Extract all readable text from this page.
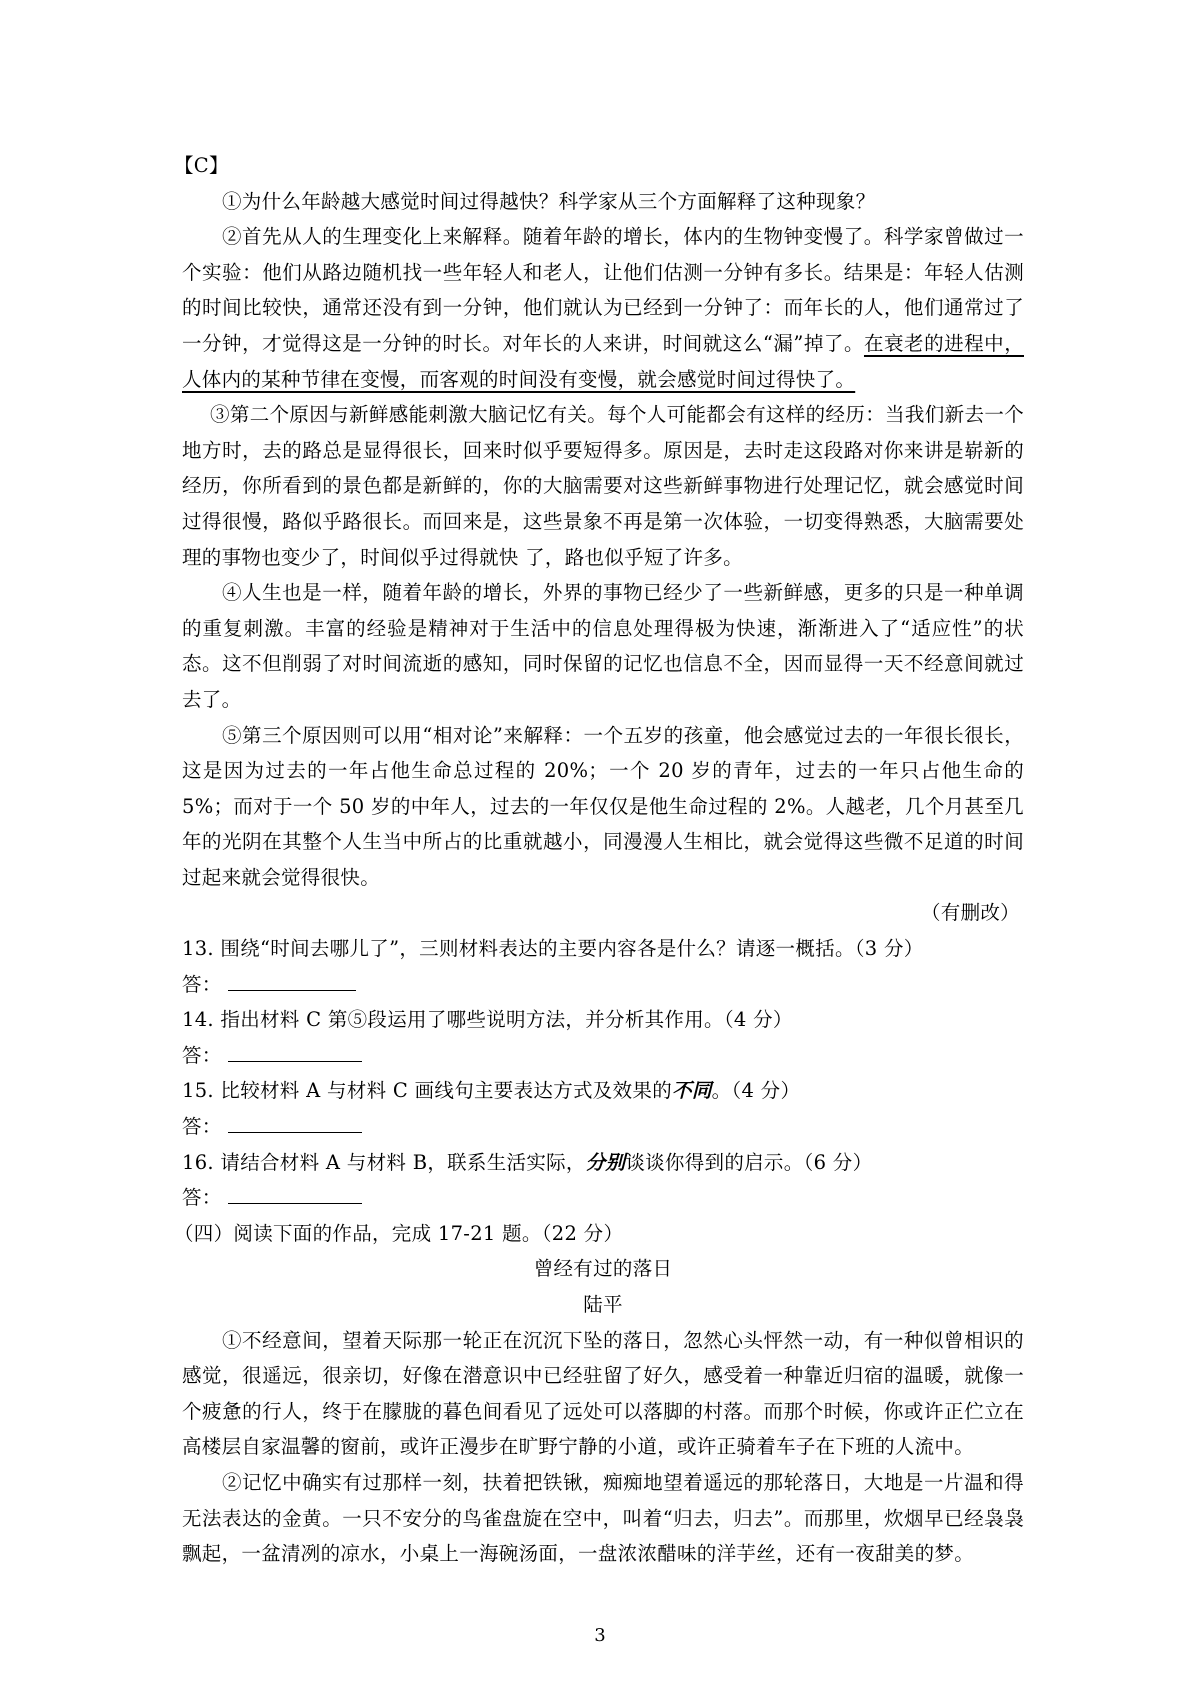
【C】

①为什么年龄越大感觉时间过得越快？科学家从三个方面解释了这种现象？

②首先从人的生理变化上来解释。随着年龄的增长，体内的生物钟变慢了。科学家曾做过一个实验：他们从路边随机找一些年轻人和老人，让他们估测一分钟有多长。结果是：年轻人估测的时间比较快，通常还没有到一分钟，他们就认为已经到一分钟了：而年长的人，他们通常过了一分钟，才觉得这是一分钟的时长。对年长的人来讲，时间就这么“漏”掉了。在衰老的进程中，人体内的某种节律在变慢，而客观的时间没有变慢，就会感觉时间过得快了。

③第二个原因与新鲜感能刺激大脑记忆有关。每个人可能都会有这样的经历：当我们新去一个地方时，去的路总是显得很长，回来时似乎要短得多。原因是，去时走这段路对你来讲是崭新的经历，你所看到的景色都是新鲜的，你的大脑需要对这些新鲜事物进行处理记忆，就会感觉时间过得很慢，路似乎路很长。而回来是，这些景象不再是第一次体验，一切变得熟悉，大脑需要处理的事物也变少了，时间似乎过得就快 了，路也似乎短了许多。

④人生也是一样，随着年龄的增长，外界的事物已经少了一些新鲜感，更多的只是一种单调的重复刺激。丰富的经验是精神对于生活中的信息处理得极为快速，渐渐进入了“适应性”的状态。这不但削弱了对时间流逝的感知，同时保留的记忆也信息不全，因而显得一天不经意间就过去了。

⑤第三个原因则可以用“相对论”来解释：一个五岁的孩童，他会感觉过去的一年很长很长，这是因为过去的一年占他生命总过程的 20%；一个 20 岁的青年，过去的一年只占他生命的 5%；而对于一个 50 岁的中年人，过去的一年仅仅是他生命过程的 2%。人越老，几个月甚至几年的光阴在其整个人生当中所占的比重就越小，同漫漫人生相比，就会觉得这些微不足道的时间过起来就会觉得很快。

（有删改）

13. 围绕“时间去哪儿了”，三则材料表达的主要内容各是什么？请逐一概括。（3 分）

答：

14. 指出材料 C 第⑤段运用了哪些说明方法，并分析其作用。（4 分）

答：

15. 比较材料 A 与材料 C 画线句主要表达方式及效果的不同。（4 分）

答：

16. 请结合材料 A 与材料 B，联系生活实际，分别谈谈你得到的启示。（6 分）

答：

（四）阅读下面的作品，完成 17-21 题。（22 分）

曾经有过的落日

陆平

①不经意间，望着天际那一轮正在沉沉下坠的落日，忽然心头怦然一动，有一种似曾相识的感觉，很遥远，很亲切，好像在潜意识中已经驻留了好久，感受着一种靠近归宿的温暖，就像一个疲惫的行人，终于在朦胧的暮色间看见了远处可以落脚的村落。而那个时候，你或许正伫立在高楼层自家温馨的窗前，或许正漫步在旷野宁静的小道，或许正骑着车子在下班的人流中。

②记忆中确实有过那样一刻，扶着把铁锹，痴痴地望着遥远的那轮落日，大地是一片温和得无法表达的金黄。一只不安分的鸟雀盘旋在空中，叫着“归去，归去”。而那里，炊烟早已经袅袅飘起，一盆清冽的凉水，小桌上一海碗汤面，一盘浓浓醋味的洋芋丝，还有一夜甜美的梦。

3
